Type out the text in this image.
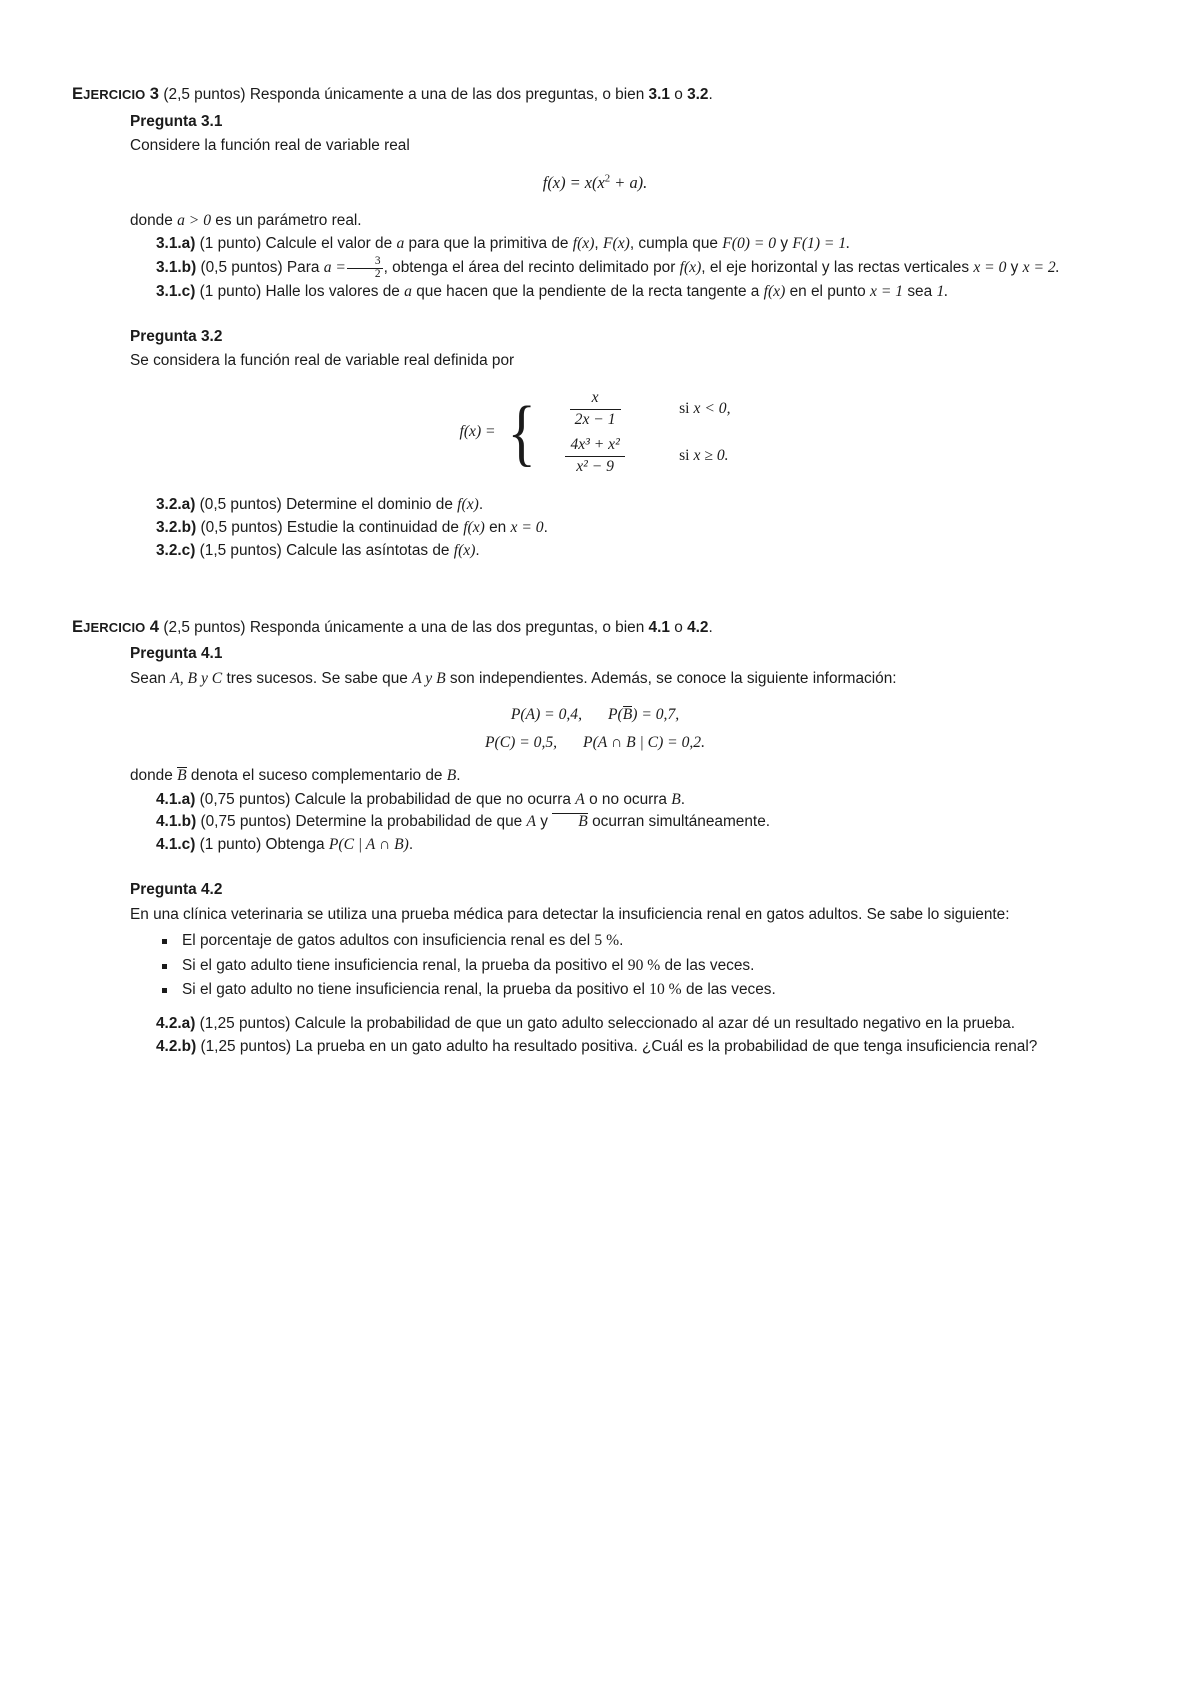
EJERCICIO 3 (2,5 puntos) Responda únicamente a una de las dos preguntas, o bien 3.1 o 3.2.

Pregunta 3.1

Considere la función real de variable real

$f(x) = x(x^2 + a)$.

donde a > 0 es un parámetro real.

3.1.a) (1 punto) Calcule el valor de a para que la primitiva de f(x), F(x), cumpla que F(0) = 0 y F(1) = 1.

3.1.b) (0,5 puntos) Para $a = \frac{3}{2}$ , obtenga el área del recinto delimitado por f(x), el eje horizontal y las rectas verticales x = 0 y x = 2.

3.1.c) (1 punto) Halle los valores de a que hacen que la pendiente de la recta tangente a f(x) en el punto x = 1 sea 1.

Pregunta 3.2

Se considera la función real de variable real definida por

f(x) = { $\frac{x}{2x - 1}$	si x < 0,
$\frac{\text{4x³ + x²}}{\text{x² − 9}}$	si x ≥ 0.

3.2.a) (0,5 puntos) Determine el dominio de f(x).

3.2.b) (0,5 puntos) Estudie la continuidad de f(x) en x = 0.

3.2.c) (1,5 puntos) Calcule las asíntotas de f(x).

EJERCICIO 4 (2,5 puntos) Responda únicamente a una de las dos preguntas, o bien 4.1 o 4.2.

Pregunta 4.1

Sean A, B y C tres sucesos. Se sabe que A y B son independientes. Además, se conoce la siguiente información:

P(A) = 0,4, P(B) = 0,7,
P(C) = 0,5, P(A ∩ B | C) = 0,2.

donde B denota el suceso complementario de B.

4.1.a) (0,75 puntos) Calcule la probabilidad de que no ocurra A o no ocurra B.

4.1.b) (0,75 puntos) Determine la probabilidad de que A y B ocurran simultáneamente.

4.1.c) (1 punto) Obtenga P(C | A ∩ B).

Pregunta 4.2

En una clínica veterinaria se utiliza una prueba médica para detectar la insuficiencia renal en gatos adultos. Se sabe lo siguiente:

El porcentaje de gatos adultos con insuficiencia renal es del 5 %.
Si el gato adulto tiene insuficiencia renal, la prueba da positivo el 90 % de las veces.
Si el gato adulto no tiene insuficiencia renal, la prueba da positivo el 10 % de las veces.

4.2.a) (1,25 puntos) Calcule la probabilidad de que un gato adulto seleccionado al azar dé un resultado negativo en la prueba.

4.2.b) (1,25 puntos) La prueba en un gato adulto ha resultado positiva. ¿Cuál es la probabilidad de que tenga insuficiencia renal?
